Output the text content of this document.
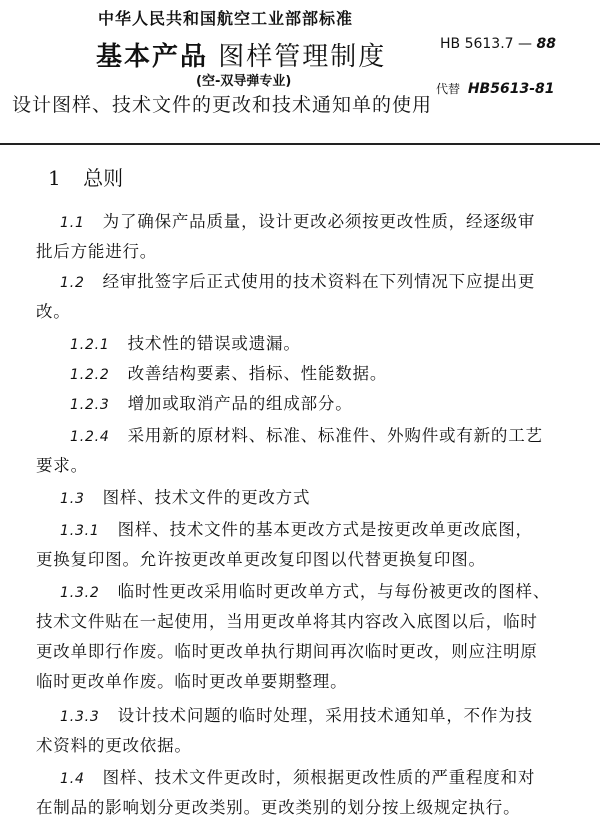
中华人民共和国航空工业部部标准
基本产品 图样管理制度
(空-双导弹专业)
设计图样、技术文件的更改和技术通知单的使用
HB 5613.7 — 88
代替 HB5613-81
1 总则
1.1 为了确保产品质量，设计更改必须按更改性质，经逐级审
批后方能进行。
1.2 经审批签字后正式使用的技术资料在下列情况下应提出更
改。
1.2.1 技术性的错误或遗漏。
1.2.2 改善结构要素、指标、性能数据。
1.2.3 增加或取消产品的组成部分。
1.2.4 采用新的原材料、标准、标准件、外购件或有新的工艺
要求。
1.3 图样、技术文件的更改方式
1.3.1 图样、技术文件的基本更改方式是按更改单更改底图，
更换复印图。允许按更改单更改复印图以代替更换复印图。
1.3.2 临时性更改采用临时更改单方式，与每份被更改的图样、
技术文件贴在一起使用，当用更改单将其内容改入底图以后，临时
更改单即行作废。临时更改单执行期间再次临时更改，则应注明原
临时更改单作废。临时更改单要期整理。
1.3.3 设计技术问题的临时处理，采用技术通知单，不作为技
术资料的更改依据。
1.4 图样、技术文件更改时，须根据更改性质的严重程度和对
在制品的影响划分更改类别。更改类别的划分按上级规定执行。
